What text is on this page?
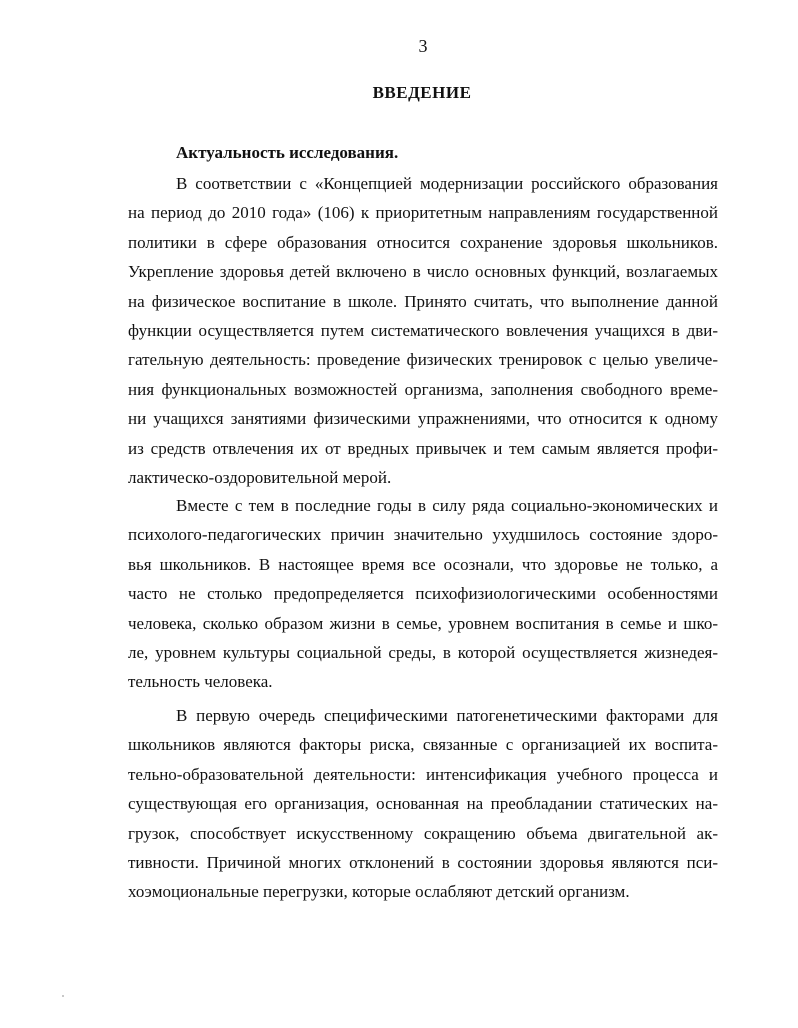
3
ВВЕДЕНИЕ
Актуальность исследования.
В соответствии с «Концепцией модернизации российского образования
на период до 2010 года» (106) к приоритетным направлениям государственной
политики в сфере образования относится сохранение здоровья школьников.
Укрепление здоровья детей включено в число основных функций, возлагаемых
на физическое воспитание в школе. Принято считать, что выполнение данной
функции осуществляется путем систематического вовлечения учащихся в дви-
гательную деятельность: проведение физических тренировок с целью увеличе-
ния функциональных возможностей организма, заполнения свободного време-
ни учащихся занятиями физическими упражнениями, что относится к одному
из средств отвлечения их от вредных привычек и тем самым является профи-
лактическо-оздоровительной мерой.
Вместе с тем в последние годы в силу ряда социально-экономических и
психолого-педагогических причин значительно ухудшилось состояние здоро-
вья школьников. В настоящее время все осознали, что здоровье не только, а
часто не столько предопределяется психофизиологическими особенностями
человека, сколько образом жизни в семье, уровнем воспитания в семье и шко-
ле, уровнем культуры социальной среды, в которой осуществляется жизнедея-
тельность человека.
В первую очередь специфическими патогенетическими факторами для
школьников являются факторы риска, связанные с организацией их воспита-
тельно-образовательной деятельности: интенсификация учебного процесса и
существующая его организация, основанная на преобладании статических на-
грузок, способствует искусственному сокращению объема двигательной ак-
тивности. Причиной многих отклонений в состоянии здоровья являются пси-
хоэмоциональные перегрузки, которые ослабляют детский организм.
